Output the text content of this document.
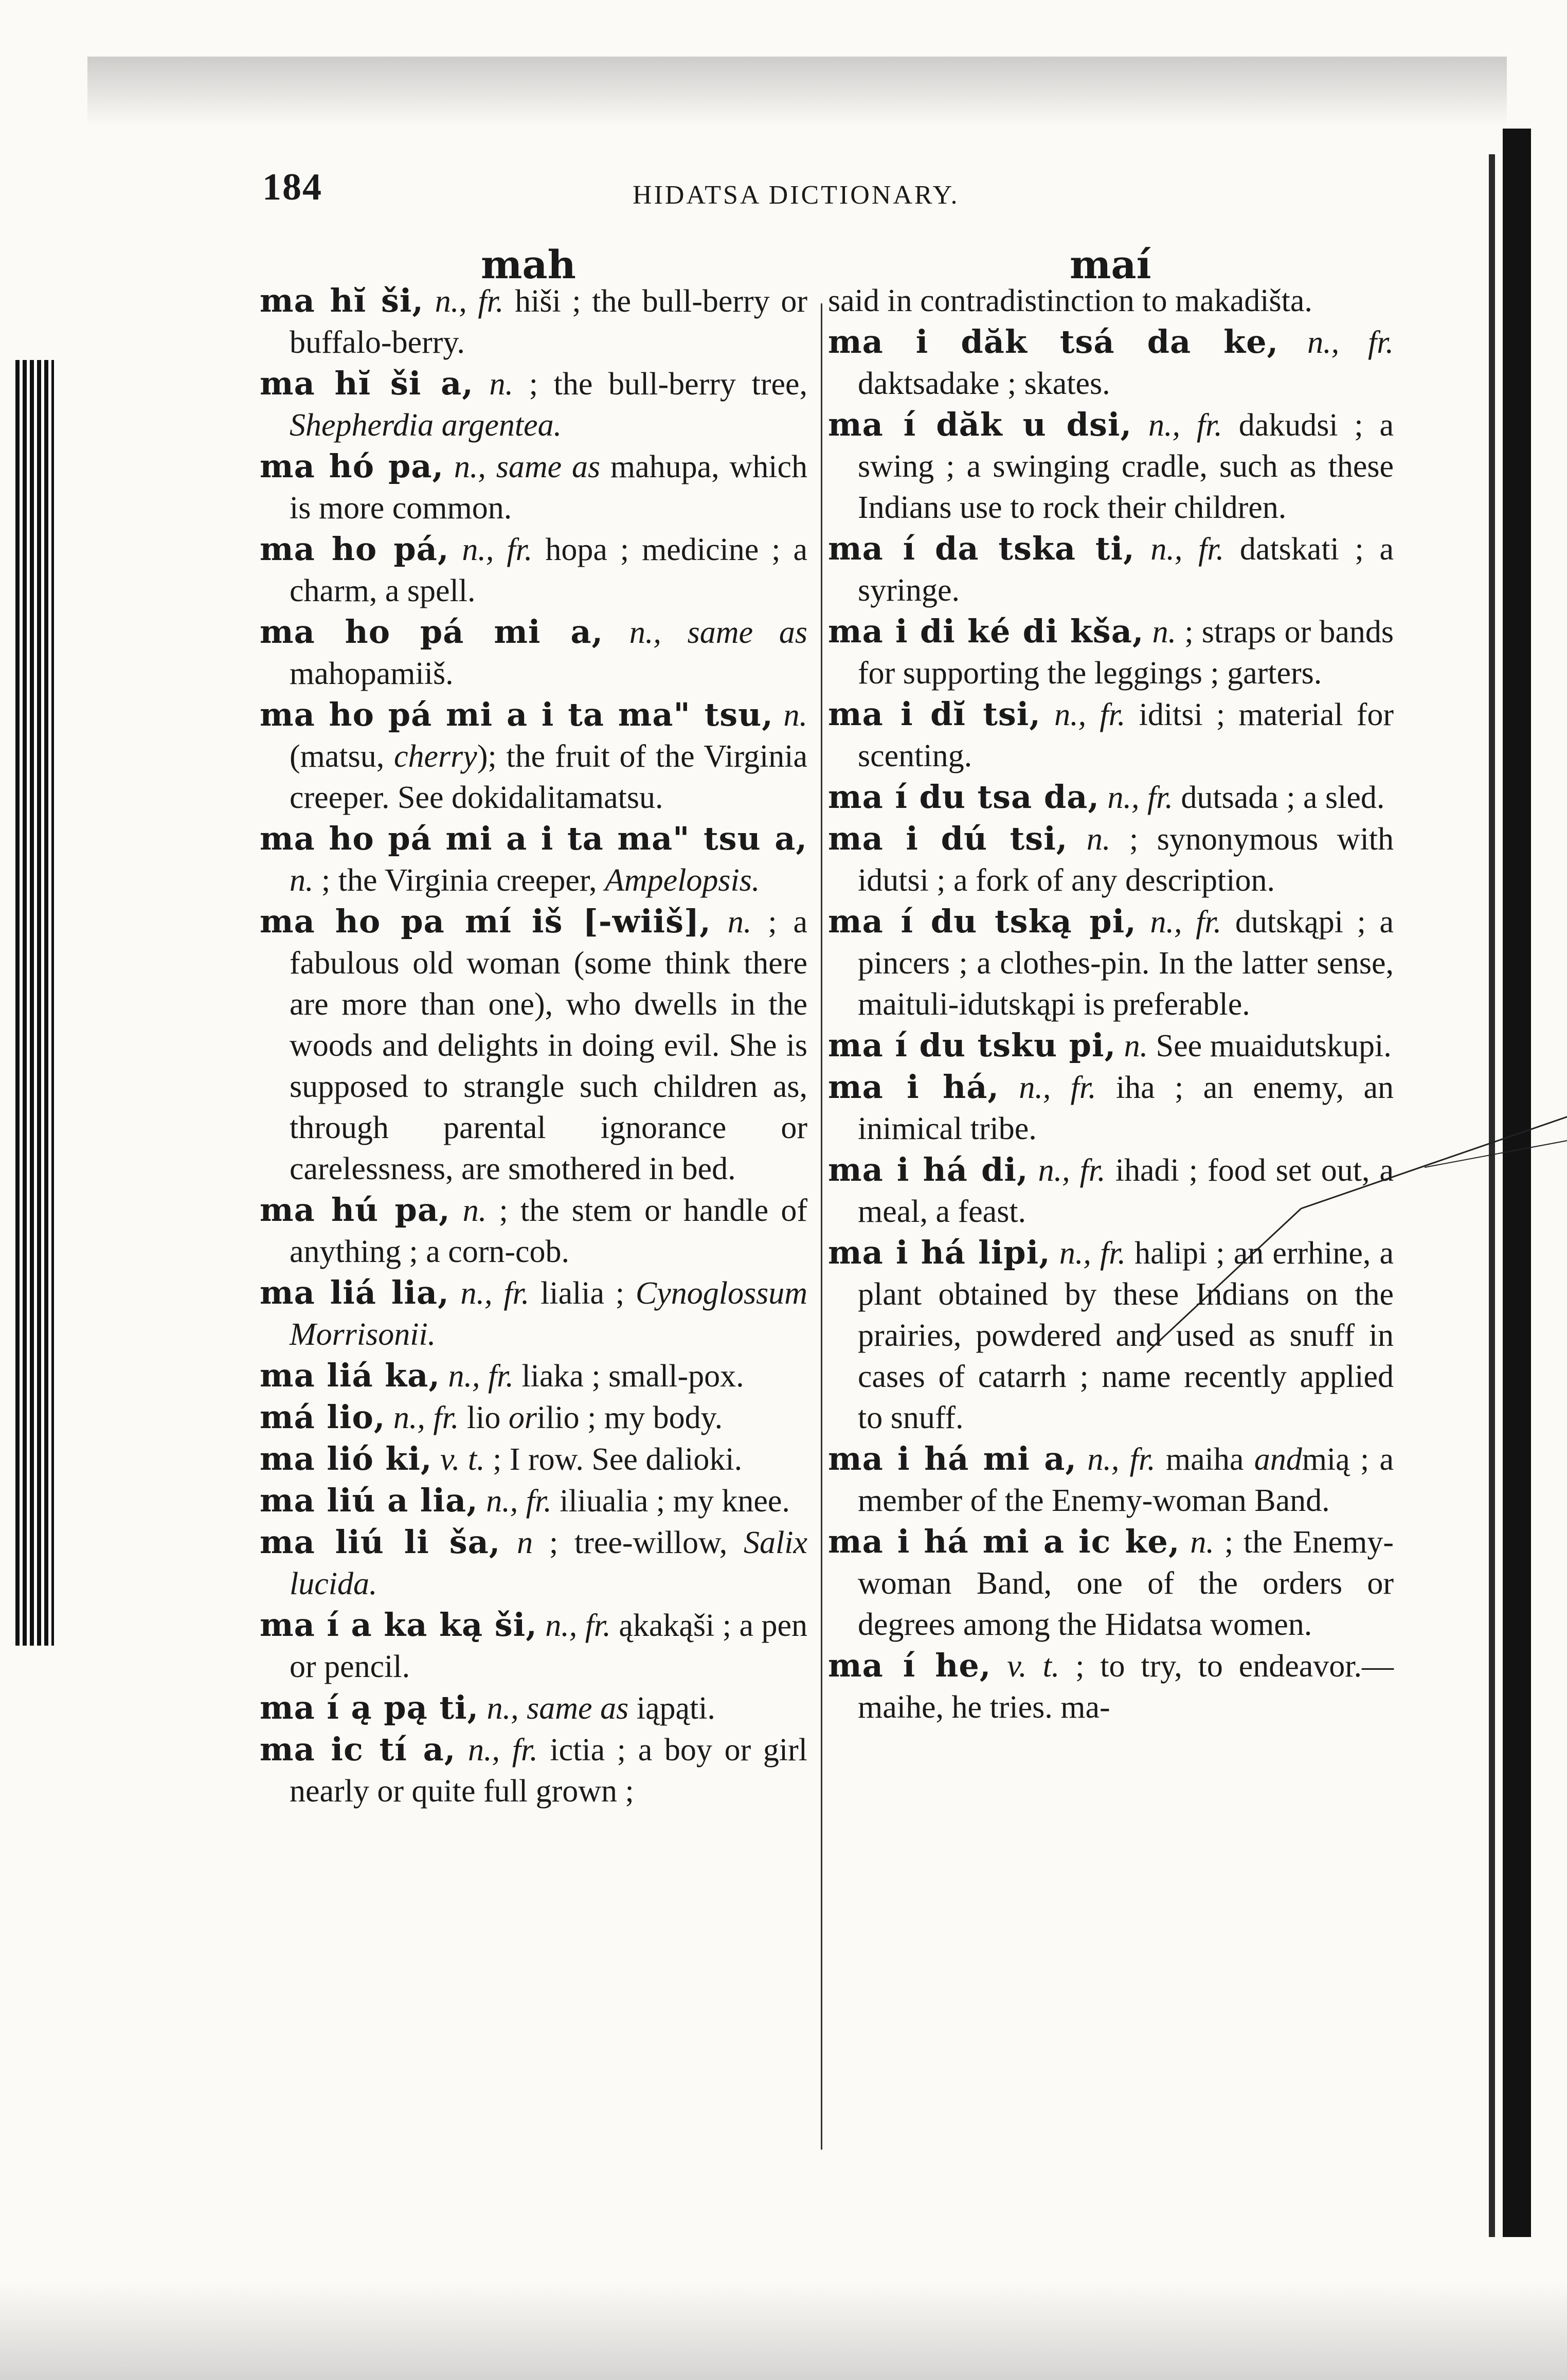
184	HIDATSA DICTIONARY.
mah	maí

ma hĭ ši, n., fr. hiši ; the bull-berry or buffalo-berry.

ma hĭ ši a, n. ; the bull-berry tree, Shepherdia argentea.

ma hó pa, n., same as mahupa, which is more common.

ma ho pá, n., fr. hopa ; medicine ; a charm, a spell.

ma ho pá mi a, n., same as mahopamiiš.

ma ho pá mi a i ta ma" tsu, n. (matsu, cherry); the fruit of the Virginia creeper. See dokidalitamatsu.

ma ho pá mi a i ta ma" tsu a, n. ; the Virginia creeper, Ampelopsis.

ma ho pa mí iš [-wiiš], n. ; a fabulous old woman (some think there are more than one), who dwells in the woods and delights in doing evil. She is supposed to strangle such children as, through parental ignorance or carelessness, are smothered in bed.

ma hú pa, n. ; the stem or handle of anything ; a corn-cob.

ma liá lia, n., fr. lialia ; Cynoglossum Morrisonii.

ma liá ka, n., fr. liaka ; small-pox.

má lio, n., fr. lio orilio ; my body.

ma lió ki, v. t. ; I row. See dalioki.

ma liú a lia, n., fr. iliualia ; my knee.

ma liú li ša, n ; tree-willow, Salix lucida.

ma í a ka ką ši, n., fr. ąkakąši ; a pen or pencil.

ma í ą pą ti, n., same as iąpąti.

ma ic tí a, n., fr. ictia ; a boy or girl nearly or quite full grown ;

said in contradistinction to makadišta.

ma i dăk tsá da ke, n., fr. daktsadake ; skates.

ma í dăk u dsi, n., fr. dakudsi ; a swing ; a swinging cradle, such as these Indians use to rock their children.

ma í da tska ti, n., fr. datskati ; a syringe.

ma i di ké di kša, n. ; straps or bands for supporting the leggings ; garters.

ma i dĭ tsi, n., fr. iditsi ; material for scenting.

ma í du tsa da, n., fr. dutsada ; a sled.

ma i dú tsi, n. ; synonymous with idutsi ; a fork of any description.

ma í du tską pi, n., fr. dutskąpi ; a pincers ; a clothes-pin. In the latter sense, maituli-idutskąpi is preferable.

ma í du tsku pi, n. See muaidutskupi.

ma i há, n., fr. iha ; an enemy, an inimical tribe.

ma i há di, n., fr. ihadi ; food set out, a meal, a feast.

ma i há lipi, n., fr. halipi ; an errhine, a plant obtained by these Indians on the prairies, powdered and used as snuff in cases of catarrh ; name recently applied to snuff.

ma i há mi a, n., fr. maiha andmią ; a member of the Enemy-woman Band.

ma i há mi a ic ke, n. ; the Enemy-woman Band, one of the orders or degrees among the Hidatsa women.

ma í he, v. t. ; to try, to endeavor.—maihe, he tries. ma-
